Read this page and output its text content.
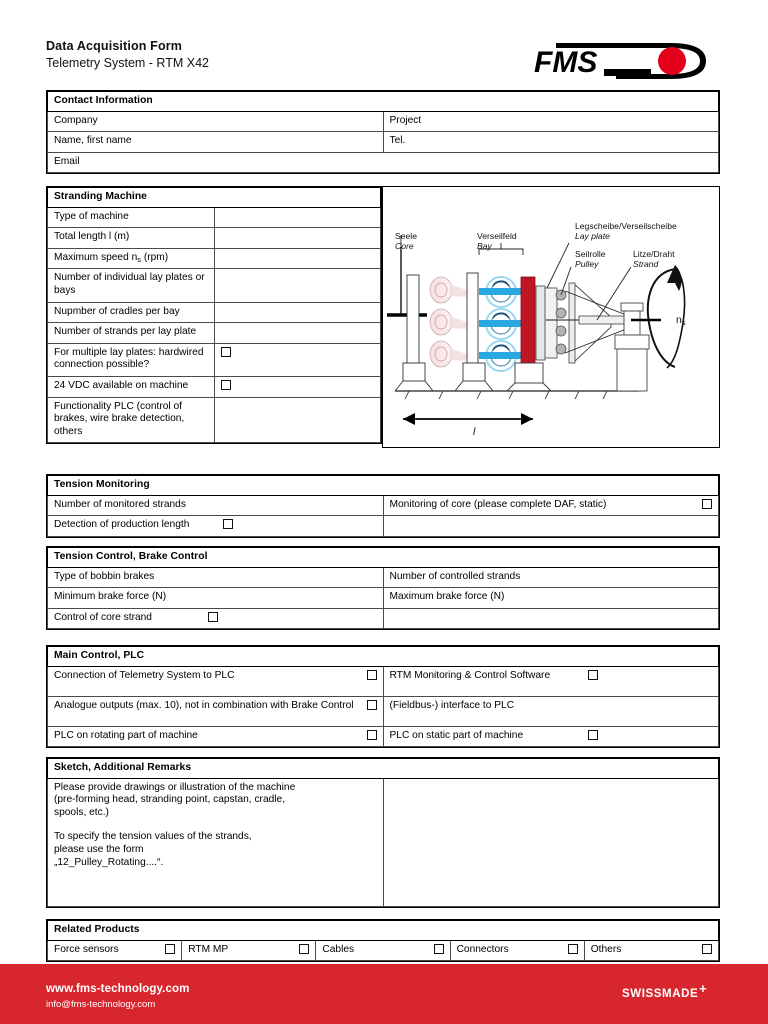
Data Acquisition Form
Telemetry System - RTM X42	FMS
Contact Information	
Company	Project
Name, first name	Tel.
Email	
Stranding Machine	
Type of machine	
Total length l (m)	
Maximum speed $n_s$ (rpm)	
Number of individual lay plates or bays	
Nupmber of cradles per bay	
Number of strands per lay plate	
For multiple lay plates: hardwired connection possible?	
24 VDC available on machine	
Functionality PLC (control of brakes, wire brake detection, others	
Seele
Core
Verseilfeld
Bay
Legscheibe/Verseilscheibe
Lay plate
Seilrolle
Pulley
Litze/Draht
Strand
$n_s$
l
Tension Monitoring	
Number of monitored strands	Monitoring of core (please complete DAF, static)

Detection of production length	

Tension Control, Brake Control	
Type of bobbin brakes	Number of controlled strands
Minimum brake force (N)	Maximum brake force (N)

Control of core strand	

Main Control, PLC	

Connection of Telemetry System to PLC	RTM Monitoring & Control Software

Analogue outputs (max. 10), not in combination with Brake Control	(Fieldbus-) interface to PLC

PLC on rotating part of machine	PLC on static part of machine
Sketch, Additional Remarks

Please provide drawings or illustration of the machine
(pre-forming head, stranding point, capstan, cradle,
spools, etc.)

To specify the tension values of the strands,
please use the form
„12_Pulley_Rotating....“.

Related Products

Force sensors	RTM MP	Cables	Connectors	Others
www.fms-technology.com
info@fms-technology.com
SWISSMADE +
